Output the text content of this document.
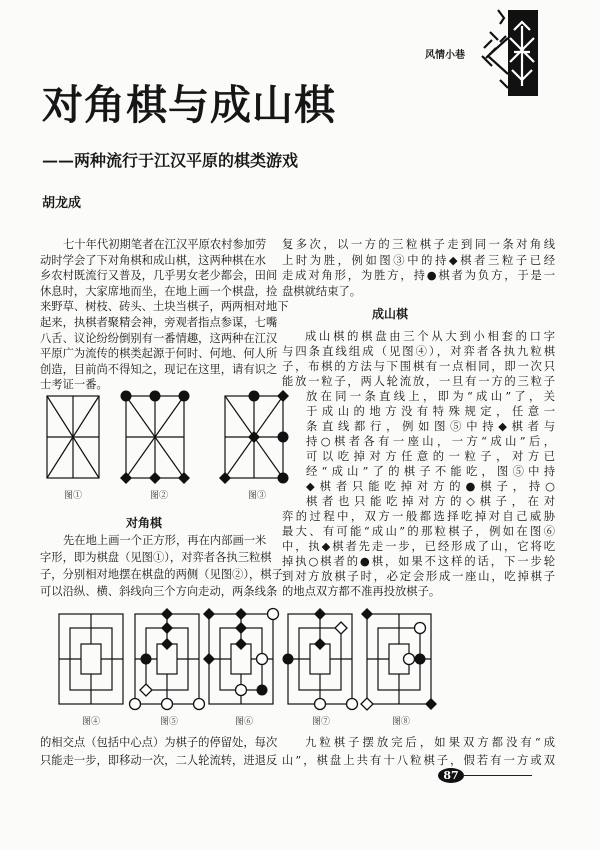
风情小巷
对角棋与成山棋
——两种流行于江汉平原的棋类游戏
胡龙成
对角棋
成山棋
七十年代初期笔者在江汉平原农村参加劳
动时学会了下对角棋和成山棋，这两种棋在水
乡农村既流行又普及，几乎男女老少都会，田间
休息时，大家席地而坐，在地上画一个棋盘，捡
来野草、树枝、砖头、土块当棋子，两两相对地下
起来，执棋者聚精会神，旁观者指点参谋，七嘴
八舌、议论纷纷倒别有一番情趣，这两种在江汉
平原广为流传的棋类起源于何时、何地、何人所
创造，目前尚不得知之，现记在这里，请有识之
士考证一番。
先在地上画一个正方形，再在内部画一米
字形，即为棋盘（见图①），对弈者各执三粒棋
子，分别相对地摆在棋盘的两侧（见图②），棋子
可以沿纵、横、斜线向三个方向走动，两条线条
的相交点（包括中心点）为棋子的停留处，每次
只能走一步，即移动一次，二人轮流转，进退反
复多次，以一方的三粒棋子走到同一条对角线
上时为胜，例如图③中的持◆棋者三粒子已经
走成对角形，为胜方，持●棋者为负方，于是一
盘棋就结束了。
成山棋的棋盘由三个从大到小相套的口字
与四条直线组成（见图④），对弈者各执九粒棋
子，布棋的方法与下围棋有一点相同，即一次只
能放一粒子，两人轮流放，一旦有一方的三粒子
放在同一条直线上，即为“成山”了，关
于成山的地方没有特殊规定，任意一
条直线都行，例如图⑤中持◆棋者与
持○棋者各有一座山，一方“成山”后，
可以吃掉对方任意的一粒子，对方已
经“成山”了的棋子不能吃，图⑤中持
◆棋者只能吃掉对方的●棋子，持○
棋者也只能吃掉对方的◇棋子，在对
弈的过程中，双方一般都选择吃掉对自己威胁
最大、有可能“成山”的那粒棋子，例如在图⑥
中，执◆棋者先走一步，已经形成了山，它将吃
掉执○棋者的●棋，如果不这样的话，下一步轮
到对方放棋子时，必定会形成一座山，吃掉棋子
的地点双方都不准再投放棋子。
九粒棋子摆放完后，如果双方都没有“成
山”，棋盘上共有十八粒棋子，假若有一方或双
图①	图②	图③
图④	图⑤	图⑥	图⑦	图⑧
87
